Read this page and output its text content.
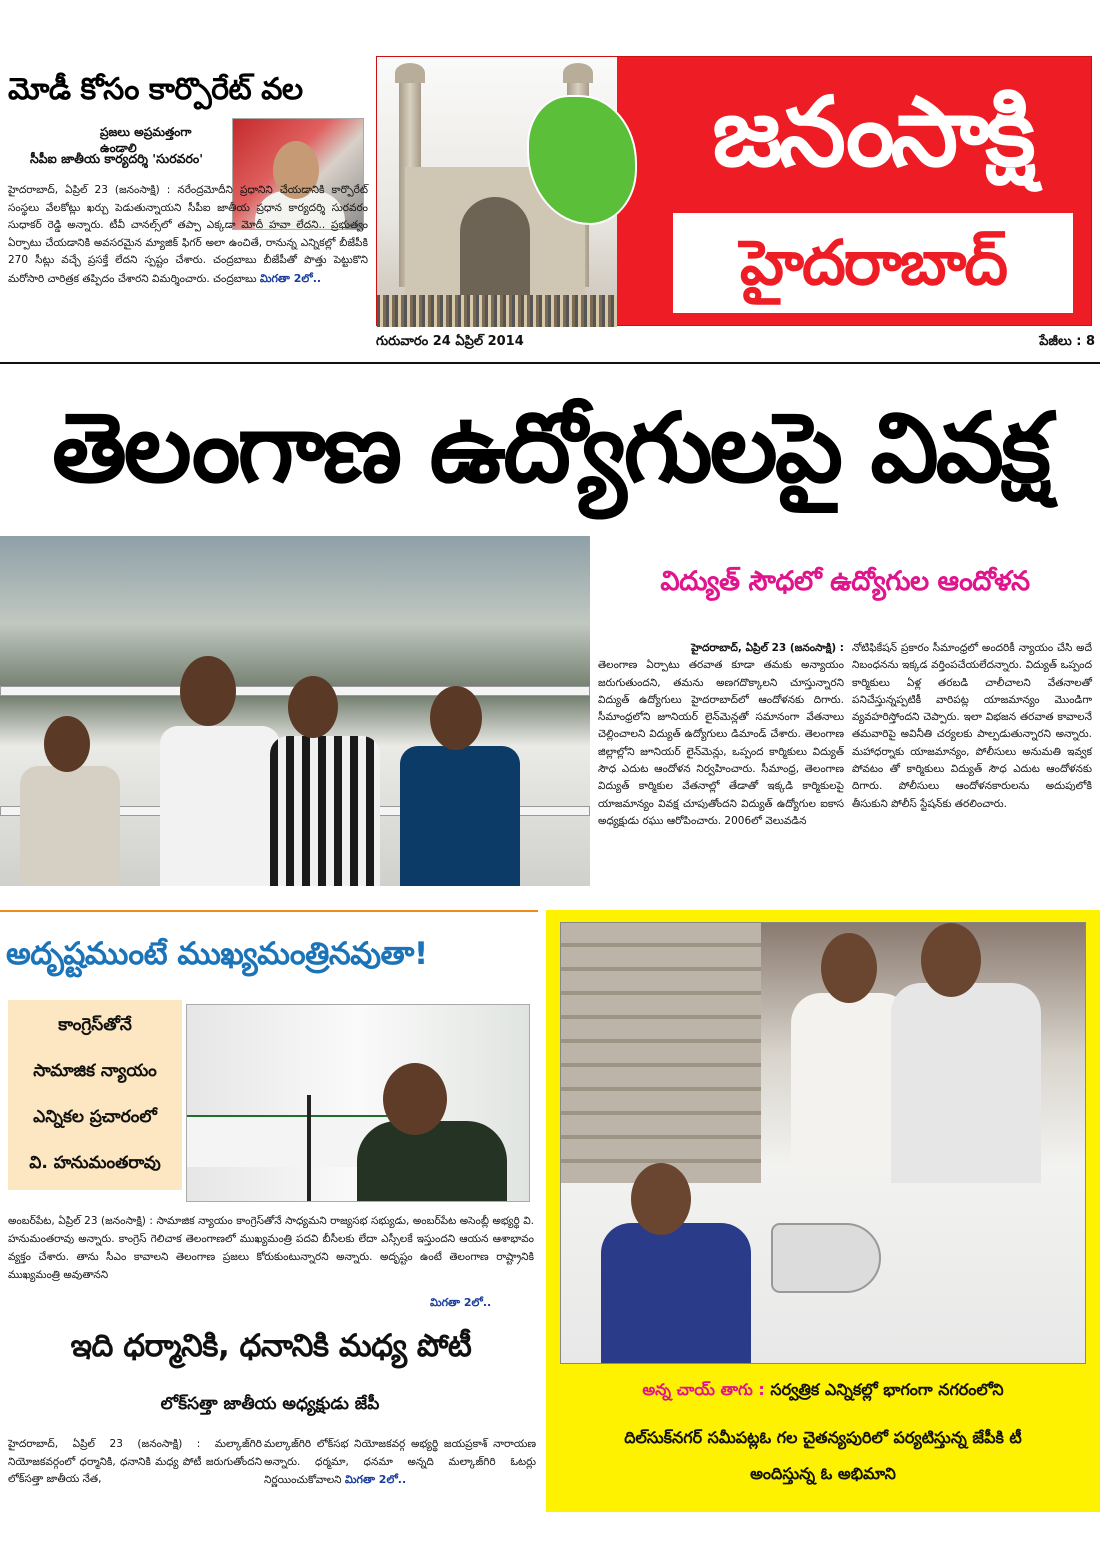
మోడీ కోసం కార్పొరేట్ వల
ప్రజలు అప్రమత్తంగా ఉండాలి
సీపీఐ జాతీయ కార్యదర్శి 'సురవరం'
హైదరాబాద్, ఏప్రిల్ 23 (జనంసాక్షి) : నరేంద్రమోదీని ప్రధానిని చేయడానికి కార్పొరేట్ సంస్థలు వేలకోట్లు ఖర్చు పెడుతున్నాయని సీపీఐ జాతీయ ప్రధాన కార్యదర్శి సురవరం సుధాకర్ రెడ్డి అన్నారు. టీవీ చానల్స్‌లో తప్పా ఎక్కడా మోదీ హవా లేదని.. ప్రభుత్వం ఏర్పాటు చేయడానికి అవసరమైన మ్యాజిక్ ఫిగర్ అలా ఉంచితే, రానున్న ఎన్నికల్లో బీజేపీకి 270 సీట్లు వచ్చే ప్రసక్తే లేదని స్పష్టం చేశారు. చంద్రబాబు బీజేపీతో పొత్తు పెట్టుకొని మరోసారి చారిత్రక తప్పిదం చేశారని విమర్శించారు. చంద్రబాబు మిగతా 2లో..
జనంసాక్షి
హైదరాబాద్
గురువారం 24 ఏప్రిల్ 2014	పేజీలు : 8
తెలంగాణ ఉద్యోగులపై వివక్ష
విద్యుత్ సౌధలో ఉద్యోగుల ఆందోళన
హైదరాబాద్, ఏప్రిల్ 23 (జనంసాక్షి) :
తెలంగాణ ఏర్పాటు తరవాత కూడా తమకు అన్యాయం జరుగుతుందని, తమను అణగదొక్కాలని చూస్తున్నారని విద్యుత్ ఉద్యోగులు హైదరాబాద్‌లో ఆందోళనకు దిగారు. సీమాంధ్రలోని జూనియర్ లైన్‌మెన్లతో సమానంగా వేతనాలు చెల్లించాలని విద్యుత్ ఉద్యోగులు డిమాండ్ చేశారు. తెలంగాణ జిల్లాల్లోని జూనియర్ లైన్‌మెన్లు, ఒప్పంద కార్మికులు విద్యుత్ సౌధ ఎదుట ఆందోళన నిర్వహించారు. సీమాంధ్ర, తెలంగాణ విద్యుత్ కార్మికుల వేతనాల్లో తేడాతో ఇక్కడి కార్మికులపై యాజమాన్యం వివక్ష చూపుతోందని విద్యుత్ ఉద్యోగుల ఐకాస అధ్యక్షుడు రఘు ఆరోపించారు. 2006లో వెలువడిన
నోటిఫికేషన్ ప్రకారం సీమాంధ్రలో అందరికీ న్యాయం చేసి అదే నిబంధనను ఇక్కడ వర్తింపచేయలేదన్నారు. విద్యుత్ ఒప్పంద కార్మికులు ఏళ్ల తరబడి చాలీచాలని వేతనాలతో పనిచేస్తున్నప్పటికీ వారిపట్ల యాజమాన్యం మొండిగా వ్యవహరిస్తోందని చెప్పారు. ఇలా విభజన తరవాత కావాలనే తమవారిపై అవినీతి చర్యలకు పాల్పడుతున్నారని అన్నారు. మహాధర్నాకు యాజమాన్యం, పోలీసులు అనుమతి ఇవ్వక పోవటం తో కార్మికులు విద్యుత్ సౌధ ఎదుట ఆందోళనకు దిగారు. పోలీసులు ఆందోళనకారులను అదుపులోకి తీసుకుని పోలీస్ స్టేషన్‌కు తరలించారు.
అదృష్టముంటే ముఖ్యమంత్రినవుతా!
కాంగ్రెస్‌తోనే
సామాజిక న్యాయం
ఎన్నికల ప్రచారంలో
వి. హనుమంతరావు
అంబర్‌పేట, ఏప్రిల్ 23 (జనంసాక్షి) : సామాజిక న్యాయం కాంగ్రెస్‌తోనే సాధ్యమని రాజ్యసభ సభ్యుడు, అంబర్‌పేట అసెంబ్లీ అభ్యర్థి వి. హనుమంతరావు అన్నారు. కాంగ్రెస్ గెలిచాక తెలంగాణలో ముఖ్యమంత్రి పదవి బీసీలకు లేదా ఎస్సీలకే ఇస్తుందని ఆయన ఆశాభావం వ్యక్తం చేశారు. తాను సీఎం కావాలని తెలంగాణ ప్రజలు కోరుకుంటున్నారని అన్నారు. అదృష్టం ఉంటే తెలంగాణ రాష్ట్రానికి ముఖ్యమంత్రి అవుతానని
మిగతా 2లో..
ఇది ధర్మానికి, ధనానికి మధ్య పోటీ
లోక్‌సత్తా జాతీయ అధ్యక్షుడు జేపీ
హైదరాబాద్, ఏప్రిల్ 23 (జనంసాక్షి) : మల్కాజ్‌గిరి నియోజకవర్గంలో ధర్మానికి, ధనానికి మధ్య పోటీ జరుగుతోందని లోక్‌సత్తా జాతీయ నేత,
మల్కాజ్‌గిరి లోక్‌సభ నియోజకవర్గ అభ్యర్థి జయప్రకాశ్ నారాయణ అన్నారు. ధర్మమా, ధనమా అన్నది మల్కాజ్‌గిరి ఓటర్లు నిర్ణయించుకోవాలని మిగతా 2లో..
అన్న చాయ్ తాగు : సర్వత్రిక ఎన్నికల్లో భాగంగా నగరంలోని
దిల్‌సుక్‌నగర్ సమీపట్లఓ గల చైతన్యపురిలో పర్యటిస్తున్న జేపీకి టీ
అందిస్తున్న ఓ అభిమాని
